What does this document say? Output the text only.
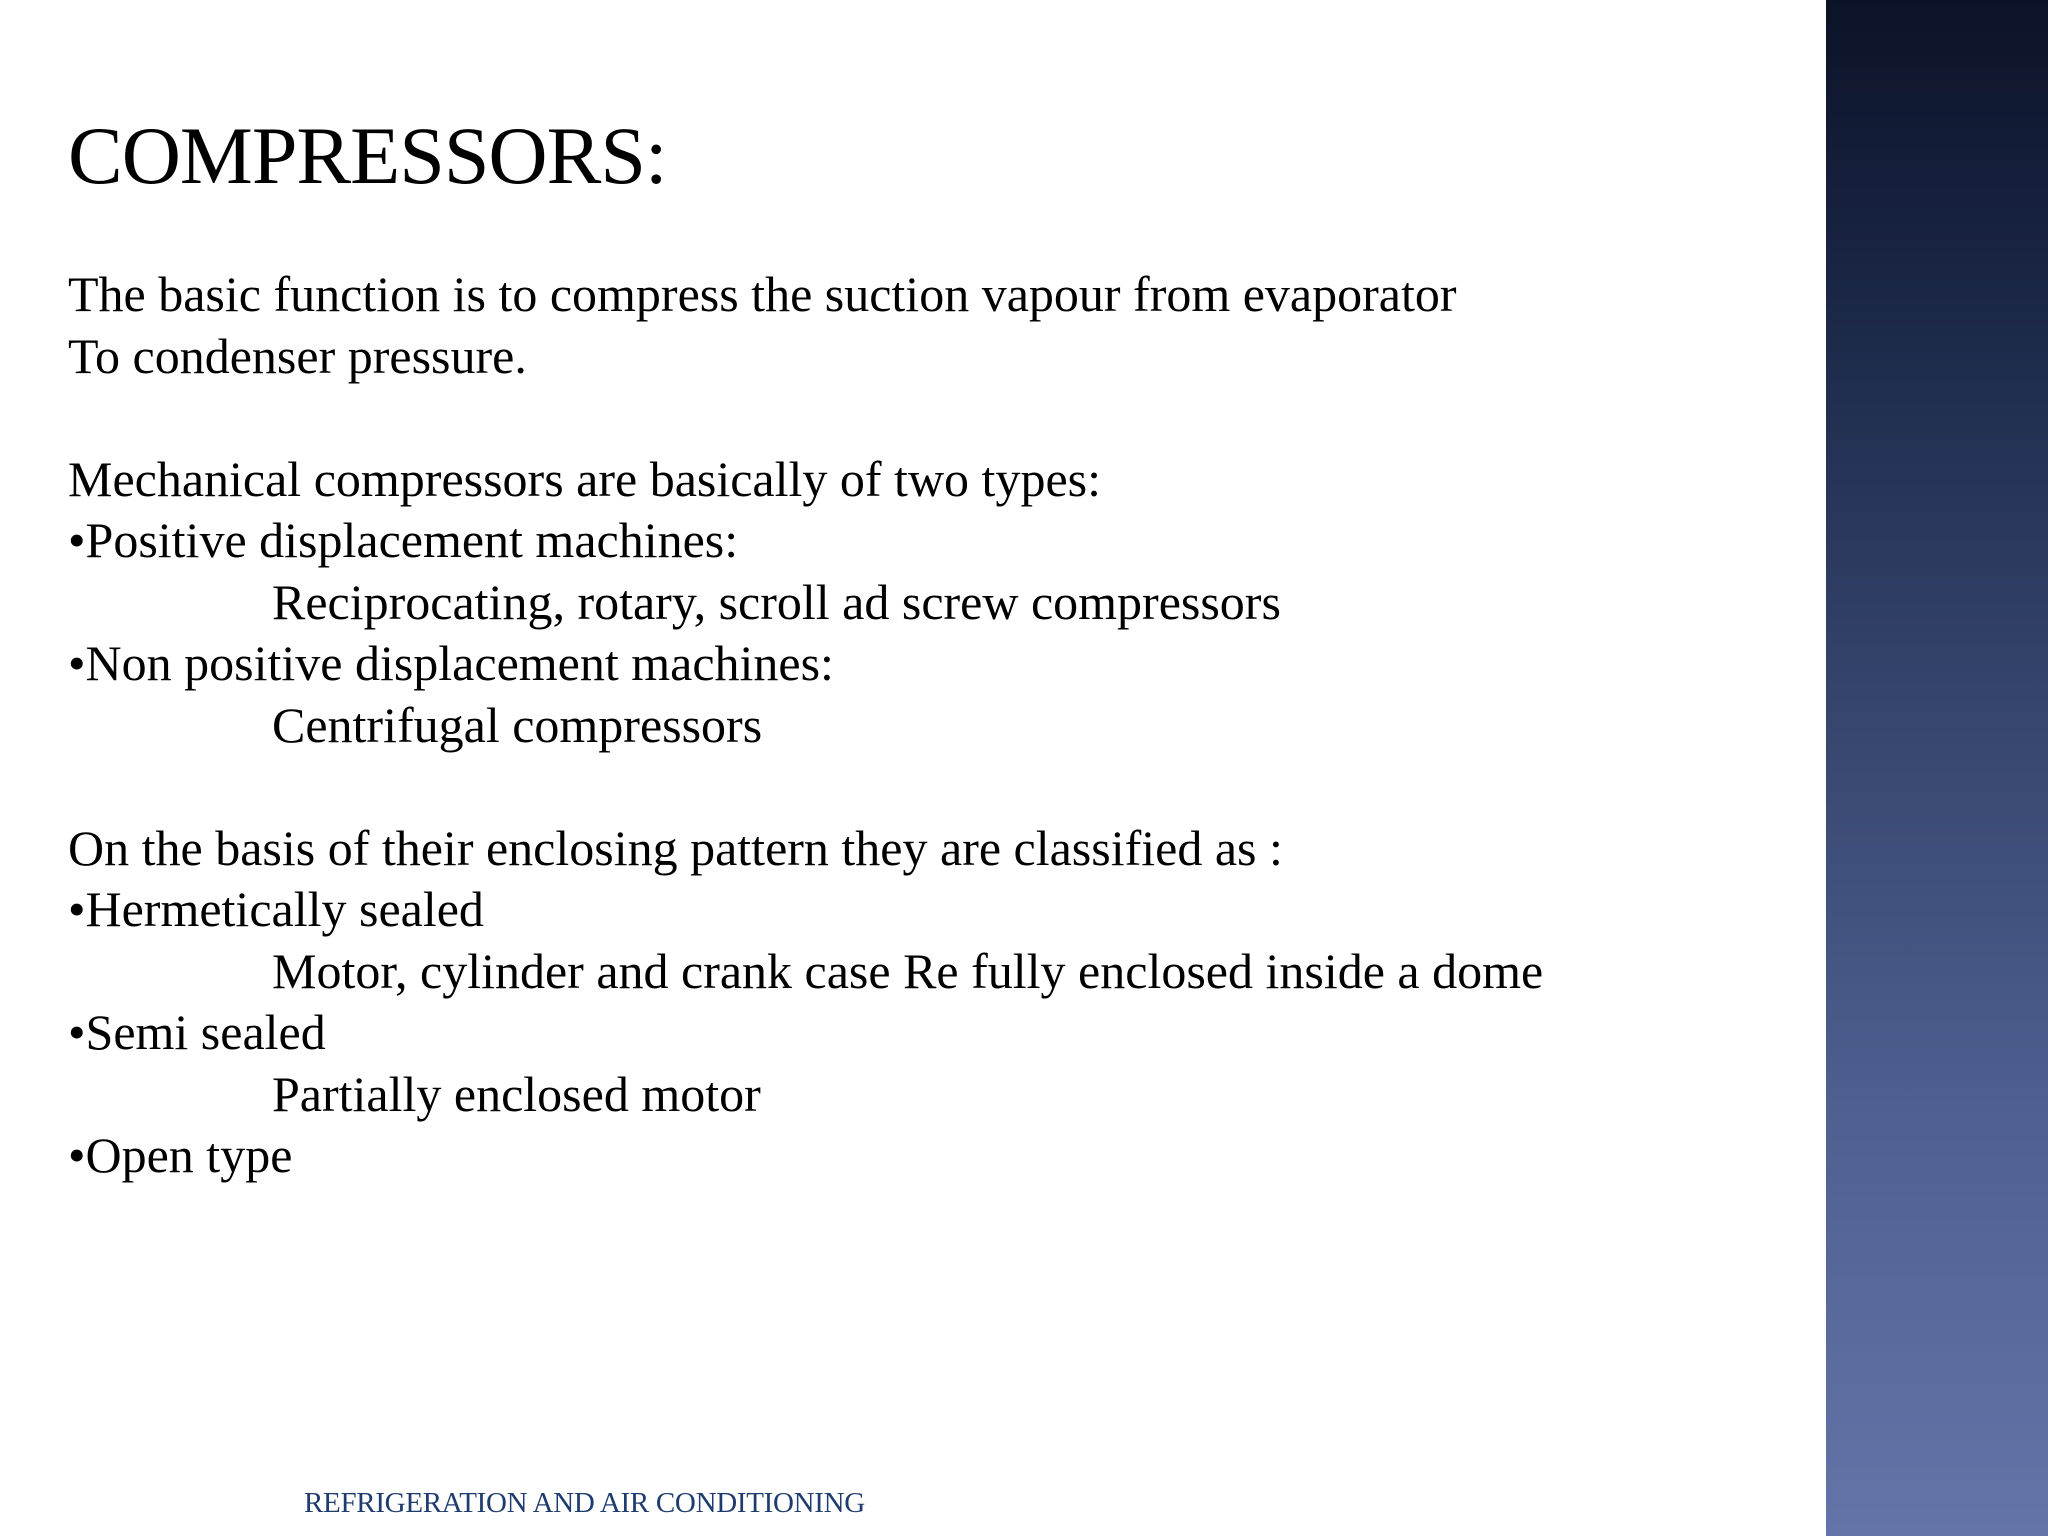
COMPRESSORS:
The basic function is to compress the suction vapour from evaporator
To condenser pressure.
Mechanical compressors are basically of two types:
•Positive displacement machines:
Reciprocating, rotary, scroll ad screw compressors
•Non positive displacement machines:
Centrifugal compressors
On the basis of their enclosing pattern they are classified as :
•Hermetically sealed
Motor, cylinder and crank case Re fully enclosed inside a dome
•Semi sealed
Partially enclosed motor
•Open type
REFRIGERATION AND AIR CONDITIONING
